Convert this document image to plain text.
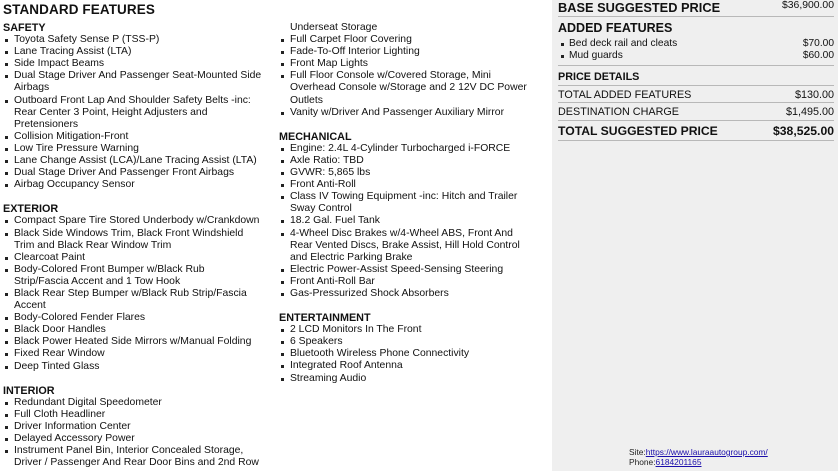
STANDARD FEATURES
SAFETY
Toyota Safety Sense P (TSS-P)
Lane Tracing Assist (LTA)
Side Impact Beams
Dual Stage Driver And Passenger Seat-Mounted Side
Airbags
Outboard Front Lap And Shoulder Safety Belts -inc:
Rear Center 3 Point, Height Adjusters and
Pretensioners
Collision Mitigation-Front
Low Tire Pressure Warning
Lane Change Assist (LCA)/Lane Tracing Assist (LTA)
Dual Stage Driver And Passenger Front Airbags
Airbag Occupancy Sensor
EXTERIOR
Compact Spare Tire Stored Underbody w/Crankdown
Black Side Windows Trim, Black Front Windshield
Trim and Black Rear Window Trim
Clearcoat Paint
Body-Colored Front Bumper w/Black Rub
Strip/Fascia Accent and 1 Tow Hook
Black Rear Step Bumper w/Black Rub Strip/Fascia
Accent
Body-Colored Fender Flares
Black Door Handles
Black Power Heated Side Mirrors w/Manual Folding
Fixed Rear Window
Deep Tinted Glass
INTERIOR
Redundant Digital Speedometer
Full Cloth Headliner
Driver Information Center
Delayed Accessory Power
Instrument Panel Bin, Interior Concealed Storage,
Driver / Passenger And Rear Door Bins and 2nd Row
Underseat Storage
Full Carpet Floor Covering
Fade-To-Off Interior Lighting
Front Map Lights
Full Floor Console w/Covered Storage, Mini
Overhead Console w/Storage and 2 12V DC Power
Outlets
Vanity w/Driver And Passenger Auxiliary Mirror
MECHANICAL
Engine: 2.4L 4-Cylinder Turbocharged i-FORCE
Axle Ratio: TBD
GVWR: 5,865 lbs
Front Anti-Roll
Class IV Towing Equipment -inc: Hitch and Trailer
Sway Control
18.2 Gal. Fuel Tank
4-Wheel Disc Brakes w/4-Wheel ABS, Front And
Rear Vented Discs, Brake Assist, Hill Hold Control
and Electric Parking Brake
Electric Power-Assist Speed-Sensing Steering
Front Anti-Roll Bar
Gas-Pressurized Shock Absorbers
ENTERTAINMENT
2 LCD Monitors In The Front
6 Speakers
Bluetooth Wireless Phone Connectivity
Integrated Roof Antenna
Streaming Audio
BASE SUGGESTED PRICE	$36,900.00
ADDED FEATURES
Bed deck rail and cleats	$70.00
Mud guards	$60.00
PRICE DETAILS
TOTAL ADDED FEATURES	$130.00
DESTINATION CHARGE	$1,495.00
TOTAL SUGGESTED PRICE	$38,525.00
Site:https://www.lauraautogroup.com/
Phone:6184201165
